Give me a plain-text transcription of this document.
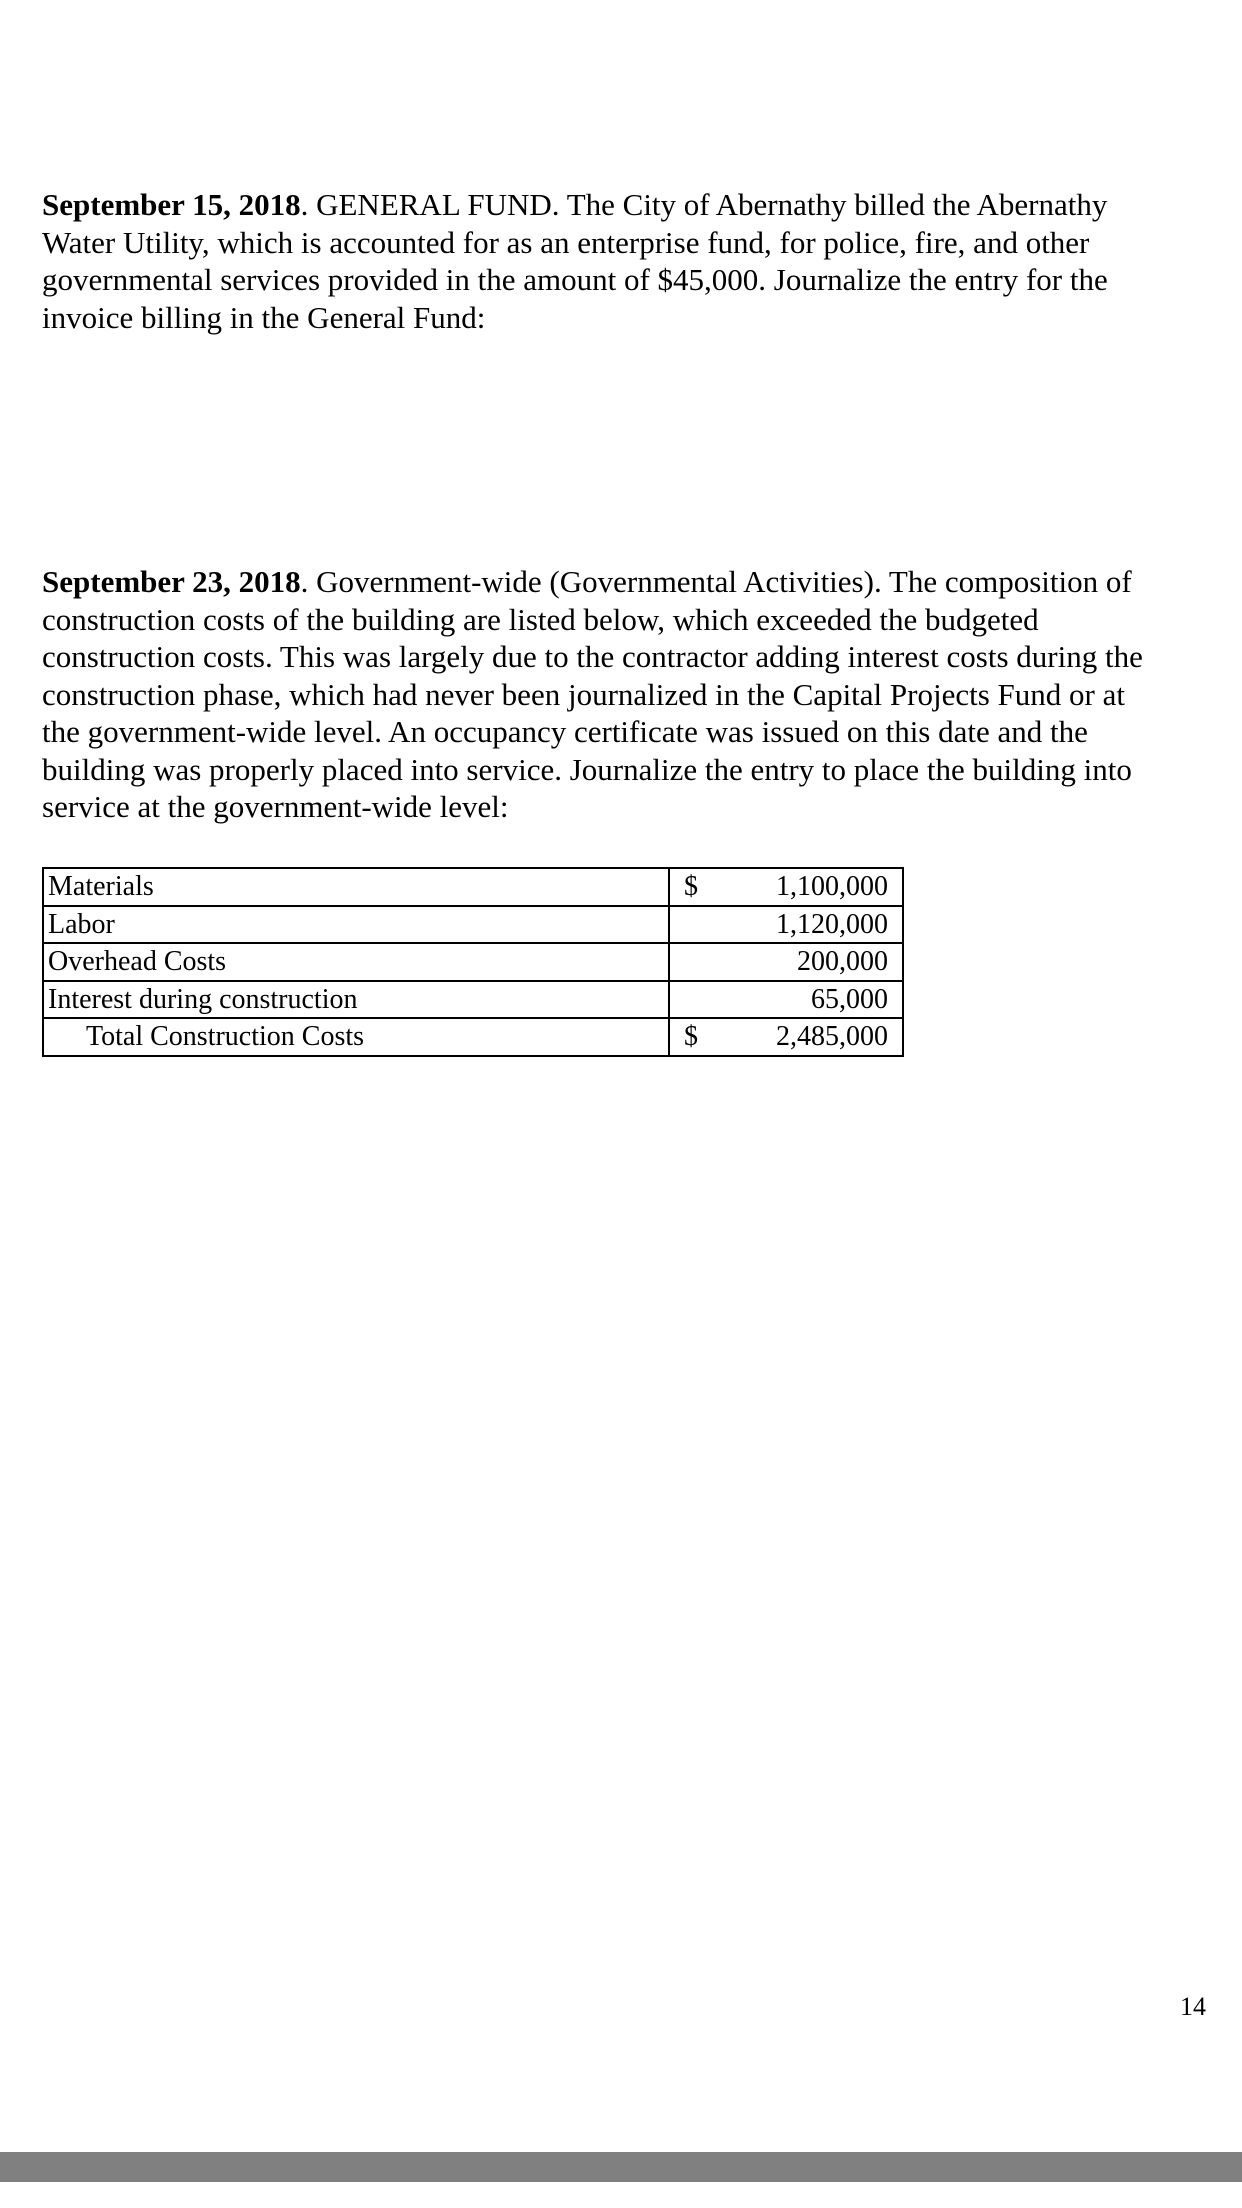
September 15, 2018. GENERAL FUND. The City of Abernathy billed the Abernathy
Water Utility, which is accounted for as an enterprise fund, for police, fire, and other
governmental services provided in the amount of $45,000. Journalize the entry for the
invoice billing in the General Fund:
September 23, 2018. Government-wide (Governmental Activities). The composition of
construction costs of the building are listed below, which exceeded the budgeted
construction costs. This was largely due to the contractor adding interest costs during the
construction phase, which had never been journalized in the Capital Projects Fund or at
the government-wide level. An occupancy certificate was issued on this date and the
building was properly placed into service. Journalize the entry to place the building into
service at the government-wide level:
Materials	$ 1,100,000

Labor	1,120,000

Overhead Costs	200,000

Interest during construction	65,000

Total Construction Costs	$ 2,485,000
14
